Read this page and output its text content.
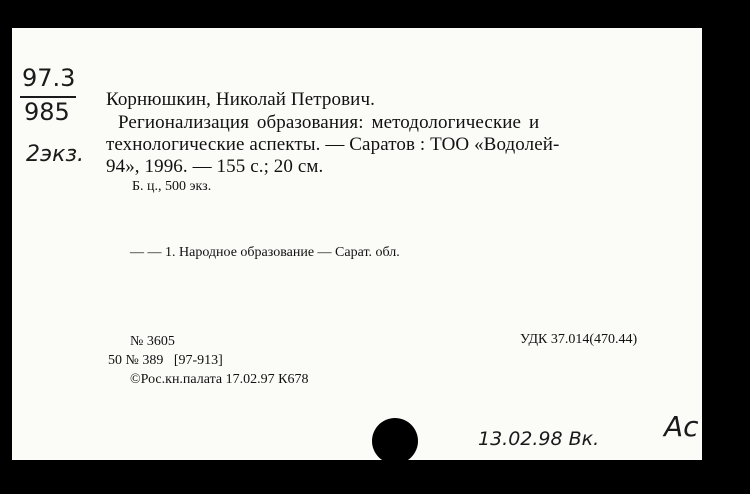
97.3
985
2экз.
Корнюшкин, Николай Петрович.
Регионализация образования: методологические и
технологические аспекты. — Саратов : ТОО «Водолей-
94», 1996. — 155 с.; 20 см.
Б. ц., 500 экз.
— — 1. Народное образование — Сарат. обл.
№ 3605	УДК 37.014(470.44)
50 № 389   [97-913]
©Рос.кн.палата 17.02.97 К678
13.02.98 Вк. Ас
